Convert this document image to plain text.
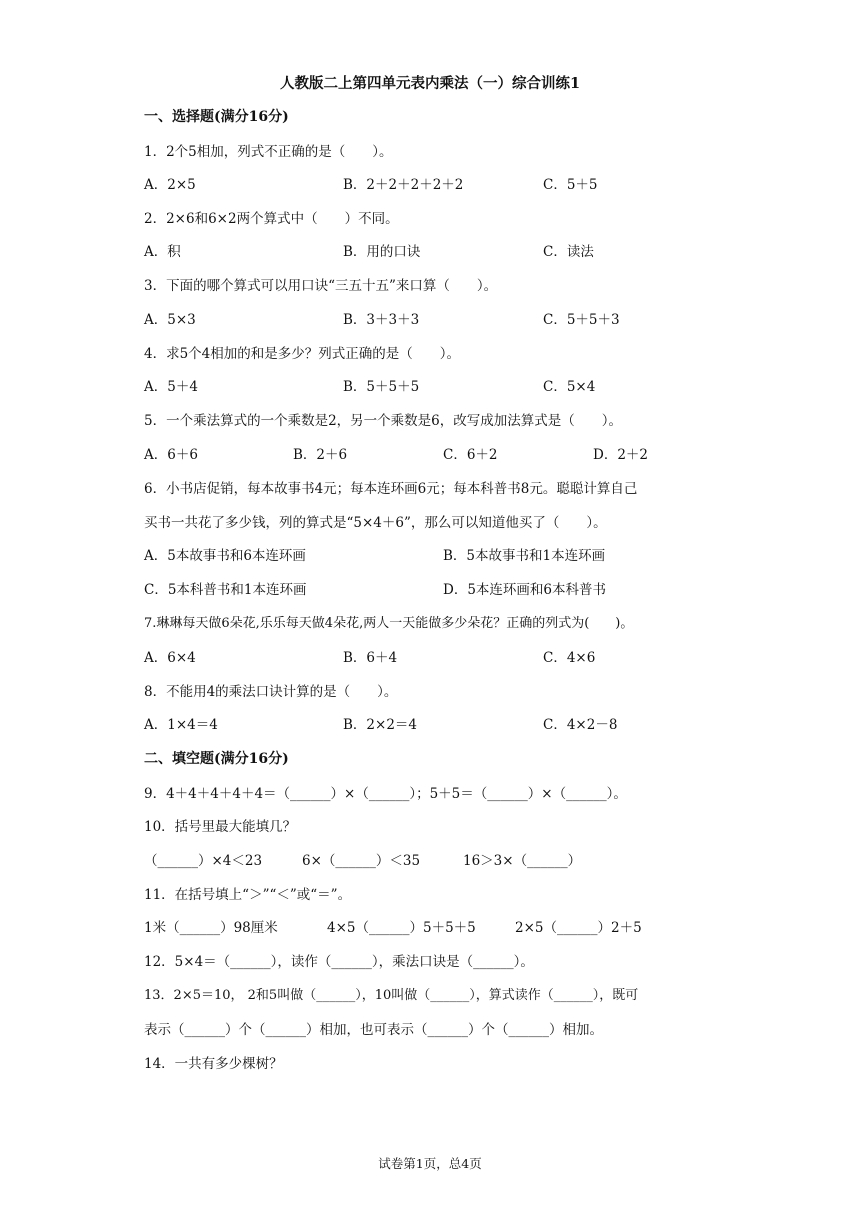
人教版二上第四单元表内乘法（一）综合训练1

一、选择题(满分16分)

1．2个5相加，列式不正确的是（　　）。

A．2×5	B．2＋2＋2＋2＋2	C．5＋5

2．2×6和6×2两个算式中（　　）不同。

A．积	B．用的口诀	C．读法

3．下面的哪个算式可以用口诀“三五十五”来口算（　　）。

A．5×3	B．3＋3＋3	C．5＋5＋3

4．求5个4相加的和是多少？列式正确的是（　　）。

A．5＋4	B．5＋5＋5	C．5×4

5．一个乘法算式的一个乘数是2，另一个乘数是6，改写成加法算式是（　　）。

A．6＋6	B．2＋6	C．6＋2	D．2＋2

6．小书店促销，每本故事书4元；每本连环画6元；每本科普书8元。聪聪计算自己

买书一共花了多少钱，列的算式是“5×4＋6”，那么可以知道他买了（　　）。

A．5本故事书和6本连环画	B．5本故事书和1本连环画
C．5本科普书和1本连环画	D．5本连环画和6本科普书

7.琳琳每天做6朵花,乐乐每天做4朵花,两人一天能做多少朵花？正确的列式为(　　)。

A．6×4	B．6＋4	C．4×6

8．不能用4的乘法口诀计算的是（　　）。

A．1×4＝4	B．2×2＝4	C．4×2－8

二、填空题(满分16分)

9．4＋4＋4＋4＋4＝（______）×（______）；5＋5＝（______）×（______）。

10．括号里最大能填几？

（______）×4＜23	6×（______）＜35	16＞3×（______）

11．在括号填上“＞”“＜”或“＝”。

1米（______）98厘米	4×5（______）5＋5＋5	2×5（______）2＋5

12．5×4＝（______），读作（______），乘法口诀是（______）。

13．2×5＝10， 2和5叫做（______），10叫做（______），算式读作（______），既可

表示（______）个（______）相加，也可表示（______）个（______）相加。

14．一共有多少棵树？

试卷第1页，总4页
